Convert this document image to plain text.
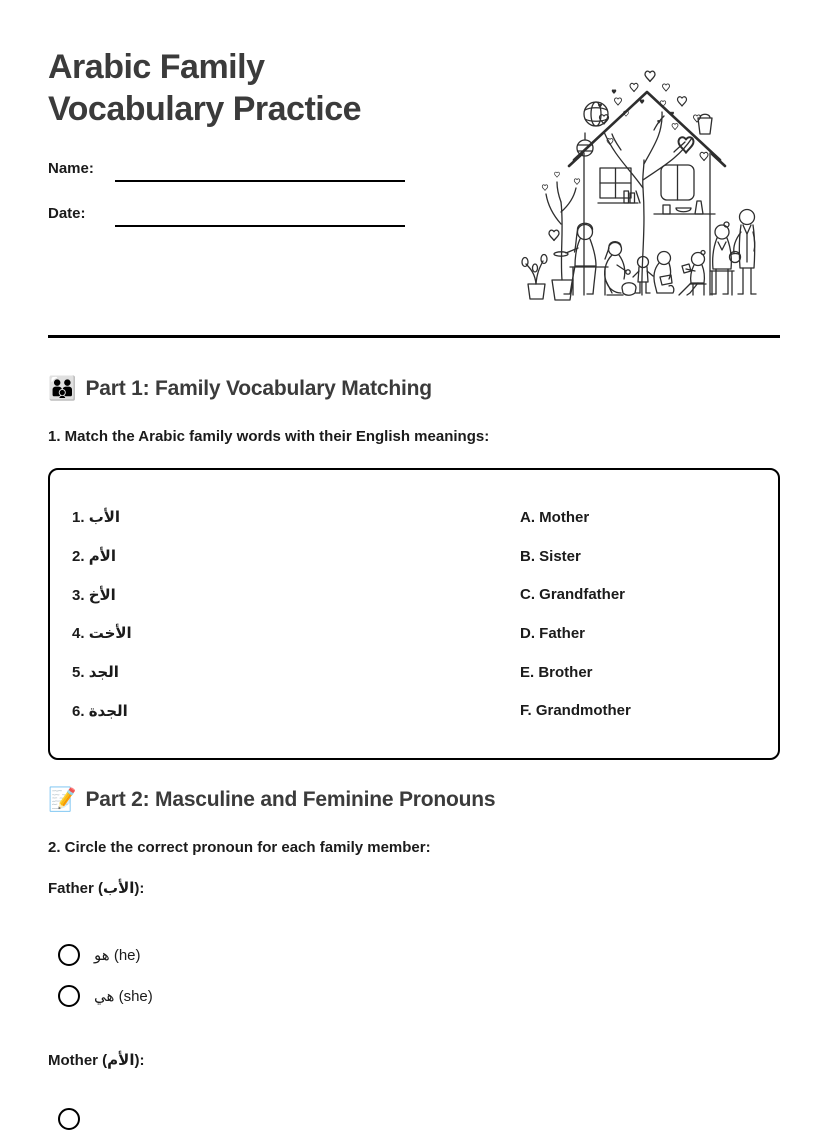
Arabic Family Vocabulary Practice
Name:
Date:
👪 Part 1: Family Vocabulary Matching

1. Match the Arabic family words with their English meanings:

1. الأب
2. الأم
3. الأخ
4. الأخت
5. الجد
6. الجدة
A. Mother
B. Sister
C. Grandfather
D. Father
E. Brother
F. Grandmother
📝 Part 2: Masculine and Feminine Pronouns

2. Circle the correct pronoun for each family member:

Father (الأب):

هو (he)
هي (she)

Mother (الأم):
